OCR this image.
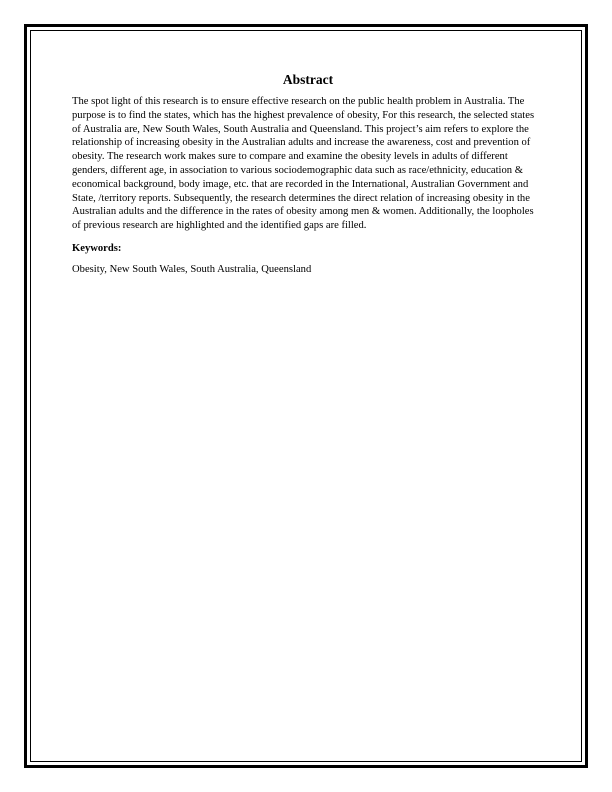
Abstract

The spot light of this research is to ensure effective research on the public health problem in Australia. The purpose is to find the states, which has the highest prevalence of obesity, For this research, the selected states of Australia are, New South Wales, South Australia and Queensland. This project’s aim refers to explore the relationship of increasing obesity in the Australian adults and increase the awareness, cost and prevention of obesity. The research work makes sure to compare and examine the obesity levels in adults of different genders, different age, in association to various sociodemographic data such as race/ethnicity, education & economical background, body image, etc. that are recorded in the International, Australian Government and State, /territory reports. Subsequently, the research determines the direct relation of increasing obesity in the Australian adults and the difference in the rates of obesity among men & women. Additionally, the loopholes of previous research are highlighted and the identified gaps are filled.

Keywords:

Obesity, New South Wales, South Australia, Queensland
